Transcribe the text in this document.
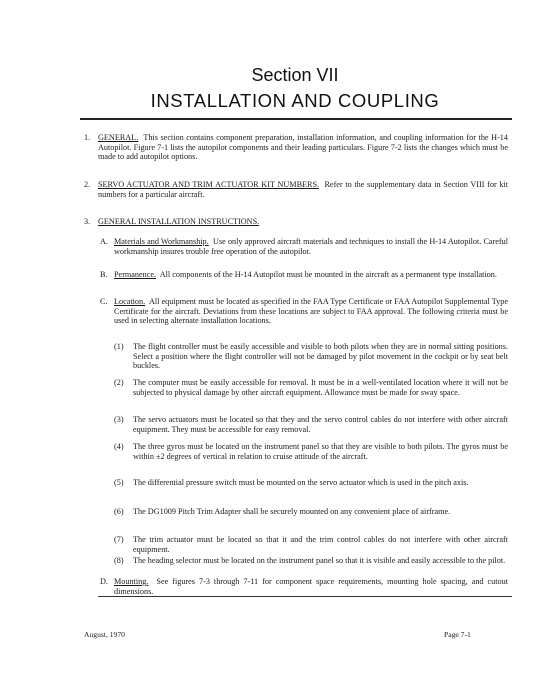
Section VII
INSTALLATION AND COUPLING
1. GENERAL. This section contains component preparation, installation information, and coupling information for the H-14 Autopilot. Figure 7-1 lists the autopilot components and their leading particulars. Figure 7-2 lists the changes which must be made to add autopilot options.
2. SERVO ACTUATOR AND TRIM ACTUATOR KIT NUMBERS. Refer to the supplementary data in Section VIII for kit numbers for a particular aircraft.
3. GENERAL INSTALLATION INSTRUCTIONS.
A. Materials and Workmanship. Use only approved aircraft materials and techniques to install the H-14 Autopilot. Careful workmanship insures trouble free operation of the autopilot.
B. Permanence. All components of the H-14 Autopilot must be mounted in the aircraft as a permanent type installation.
C. Location. All equipment must be located as specified in the FAA Type Certificate or FAA Autopilot Supplemental Type Certificate for the aircraft. Deviations from these locations are subject to FAA approval. The following criteria must be used in selecting alternate installation locations.
(1) The flight controller must be easily accessible and visible to both pilots when they are in normal sitting positions. Select a position where the flight controller will not be damaged by pilot movement in the cockpit or by seat belt buckles.
(2) The computer must be easily accessible for removal. It must be in a well-ventilated location where it will not be subjected to physical damage by other aircraft equipment. Allowance must be made for sway space.
(3) The servo actuators must be located so that they and the servo control cables do not interfere with other aircraft equipment. They must be accessible for easy removal.
(4) The three gyros must be located on the instrument panel so that they are visible to both pilots. The gyros must be within ±2 degrees of vertical in relation to cruise attitude of the aircraft.
(5) The differential pressure switch must be mounted on the servo actuator which is used in the pitch axis.
(6) The DG1009 Pitch Trim Adapter shall be securely mounted on any convenient place of airframe.
(7) The trim actuator must be located so that it and the trim control cables do not interfere with other aircraft equipment.
(8) The heading selector must be located on the instrument panel so that it is visible and easily accessible to the pilot.
D. Mounting. See figures 7-3 through 7-11 for component space requirements, mounting hole spacing, and cutout dimensions.
August, 1970	Page 7-1
